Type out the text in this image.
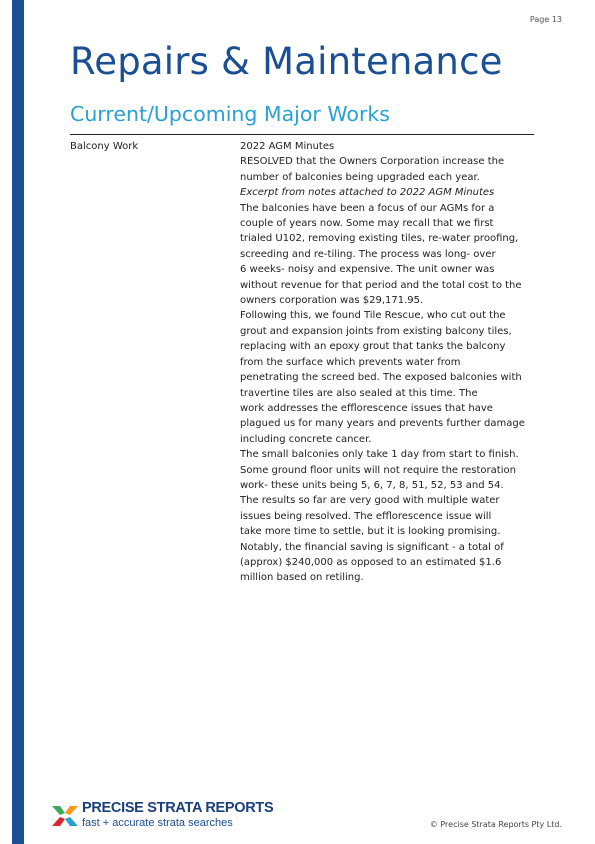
Page 13
Repairs & Maintenance
Current/Upcoming Major Works
Balcony Work	2022 AGM Minutes
RESOLVED that the Owners Corporation increase the
number of balconies being upgraded each year.
Excerpt from notes attached to 2022 AGM Minutes
The balconies have been a focus of our AGMs for a
couple of years now. Some may recall that we first
trialed U102, removing existing tiles, re-water proofing,
screeding and re-tiling. The process was long- over
6 weeks- noisy and expensive. The unit owner was
without revenue for that period and the total cost to the
owners corporation was $29,171.95.
Following this, we found Tile Rescue, who cut out the
grout and expansion joints from existing balcony tiles,
replacing with an epoxy grout that tanks the balcony
from the surface which prevents water from
penetrating the screed bed. The exposed balconies with
travertine tiles are also sealed at this time. The
work addresses the efflorescence issues that have
plagued us for many years and prevents further damage
including concrete cancer.
The small balconies only take 1 day from start to finish.
Some ground floor units will not require the restoration
work- these units being 5, 6, 7, 8, 51, 52, 53 and 54.
The results so far are very good with multiple water
issues being resolved. The efflorescence issue will
take more time to settle, but it is looking promising.
Notably, the financial saving is significant - a total of
(approx) $240,000 as opposed to an estimated $1.6
million based on retiling.
PRECISE STRATA REPORTS
fast + accurate strata searches	© Precise Strata Reports Pty Ltd.
